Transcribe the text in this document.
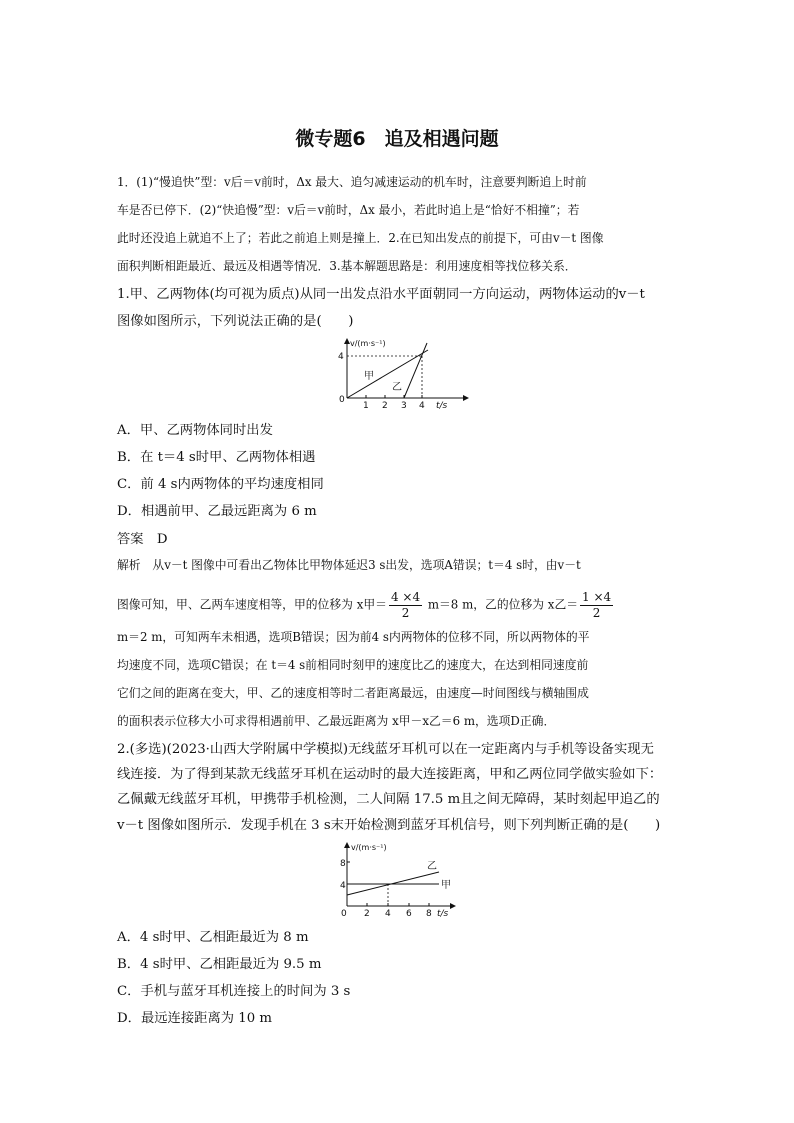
微专题6　追及相遇问题
1．(1)“慢追快”型：v后＝v前时，Δx 最大、追匀减速运动的机车时，注意要判断追上时前
车是否已停下．(2)“快追慢”型：v后＝v前时，Δx 最小，若此时追上是“恰好不相撞”；若
此时还没追上就追不上了；若此之前追上则是撞上．2.在已知出发点的前提下，可由v－t 图像
面积判断相距最近、最远及相遇等情况．3.基本解题思路是：利用速度相等找位移关系．
1.甲、乙两物体(均可视为质点)从同一出发点沿水平面朝同一方向运动，两物体运动的v－t
图像如图所示，下列说法正确的是(　　)
v/(m·s⁻¹)
4
0
1 2 3 4 t/s
甲
乙
A．甲、乙两物体同时出发
B．在 t＝4 s时甲、乙两物体相遇
C．前 4 s内两物体的平均速度相同
D．相遇前甲、乙最远距离为 6 m
答案　D
解析　从v－t 图像中可看出乙物体比甲物体延迟3 s出发，选项A错误；t＝4 s时，由v－t
图像可知，甲、乙两车速度相等，甲的位移为 x甲＝ $\frac{4 \times 4}{2} m=8$ m，乙的位移为 x乙＝ $\frac{1 \times 4}{2}$
m＝2 m，可知两车未相遇，选项B错误；因为前4 s内两物体的位移不同，所以两物体的平
均速度不同，选项C错误；在 t＝4 s前相同时刻甲的速度比乙的速度大，在达到相同速度前
它们之间的距离在变大，甲、乙的速度相等时二者距离最远，由速度—时间图线与横轴围成
的面积表示位移大小可求得相遇前甲、乙最远距离为 x甲－x乙＝6 m，选项D正确．
2.(多选)(2023·山西大学附属中学模拟)无线蓝牙耳机可以在一定距离内与手机等设备实现无
线连接．为了得到某款无线蓝牙耳机在运动时的最大连接距离，甲和乙两位同学做实验如下：
乙佩戴无线蓝牙耳机，甲携带手机检测，二人间隔 17.5 m且之间无障碍，某时刻起甲追乙的
v－t 图像如图所示．发现手机在 3 s末开始检测到蓝牙耳机信号，则下列判断正确的是(　　)
v/(m·s⁻¹)
8
4
0 2 4 6 8 t/s
乙
甲
A．4 s时甲、乙相距最近为 8 m
B．4 s时甲、乙相距最近为 9.5 m
C．手机与蓝牙耳机连接上的时间为 3 s
D．最远连接距离为 10 m
